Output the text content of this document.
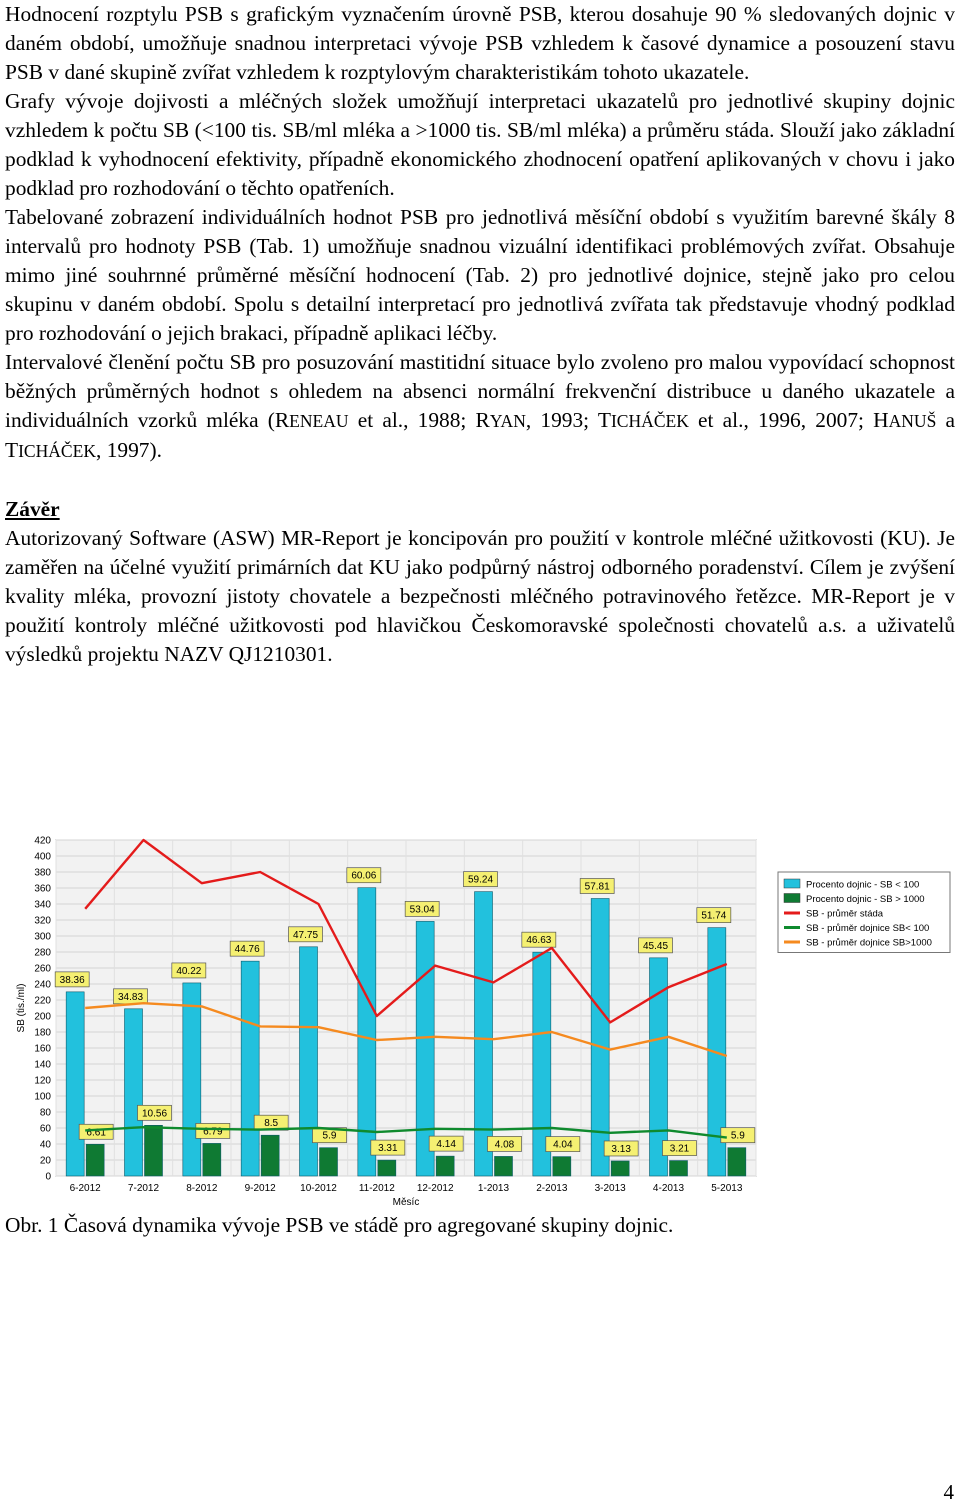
Hodnocení rozptylu PSB s grafickým vyznačením úrovně PSB, kterou dosahuje 90 % sledovaných dojnic v daném období, umožňuje snadnou interpretaci vývoje PSB vzhledem k časové dynamice a posouzení stavu PSB v dané skupině zvířat vzhledem k rozptylovým charakteristikám tohoto ukazatele.

Grafy vývoje dojivosti a mléčných složek umožňují interpretaci ukazatelů pro jednotlivé skupiny dojnic vzhledem k počtu SB (<100 tis. SB/ml mléka a >1000 tis. SB/ml mléka) a průměru stáda. Slouží jako základní podklad k vyhodnocení efektivity, případně ekonomického zhodnocení opatření aplikovaných v chovu i jako podklad pro rozhodování o těchto opatřeních.

Tabelované zobrazení individuálních hodnot PSB pro jednotlivá měsíční období s využitím barevné škály 8 intervalů pro hodnoty PSB (Tab. 1) umožňuje snadnou vizuální identifikaci problémových zvířat. Obsahuje mimo jiné souhrnné průměrné měsíční hodnocení (Tab. 2) pro jednotlivé dojnice, stejně jako pro celou skupinu v daném období. Spolu s detailní interpretací pro jednotlivá zvířata tak představuje vhodný podklad pro rozhodování o jejich brakaci, případně aplikaci léčby.

Intervalové členění počtu SB pro posuzování mastitidní situace bylo zvoleno pro malou vypovídací schopnost běžných průměrných hodnot s ohledem na absenci normální frekvenční distribuce u daného ukazatele a individuálních vzorků mléka (RENEAU et al., 1988; RYAN, 1993; TICHÁČEK et al., 1996, 2007; HANUŠ a TICHÁČEK, 1997).

Závěr

Autorizovaný Software (ASW) MR-Report je koncipován pro použití v kontrole mléčné užitkovosti (KU). Je zaměřen na účelné využití primárních dat KU jako podpůrný nástroj odborného poradenství. Cílem je zvýšení kvality mléka, provozní jistoty chovatele a bezpečnosti mléčného potravinového řetězce. MR-Report je v použití kontroly mléčné užitkovosti pod hlavičkou Českomoravské společnosti chovatelů a.s. a uživatelů výsledků projektu NAZV QJ1210301.

0
20
40
60
80
100
120
140
160
180
200
220
240
260
280
300
320
340
360
380
400
420
38.36
34.83
40.22
44.76
47.75
60.06
53.04
59.24
46.63
57.81
45.45
51.74
6.61
10.56
6.79
8.5
5.9
3.31	4.14	4.08	4.04	3.13	3.21
5.9
6-2012	7-2012	8-2012	9-2012 10-2012 11-2012 12-2012 1-2013	2-2013	3-2013	4-2013	5-2013
Měsíc
SB (tis./ml)
Procento dojnic - SB < 100
Procento dojnic - SB > 1000
SB - průměr stáda
SB - průměr dojnice SB< 100
SB - průměr dojnice SB>1000
Obr. 1 Časová dynamika vývoje PSB ve stádě pro agregované skupiny dojnic.
4
